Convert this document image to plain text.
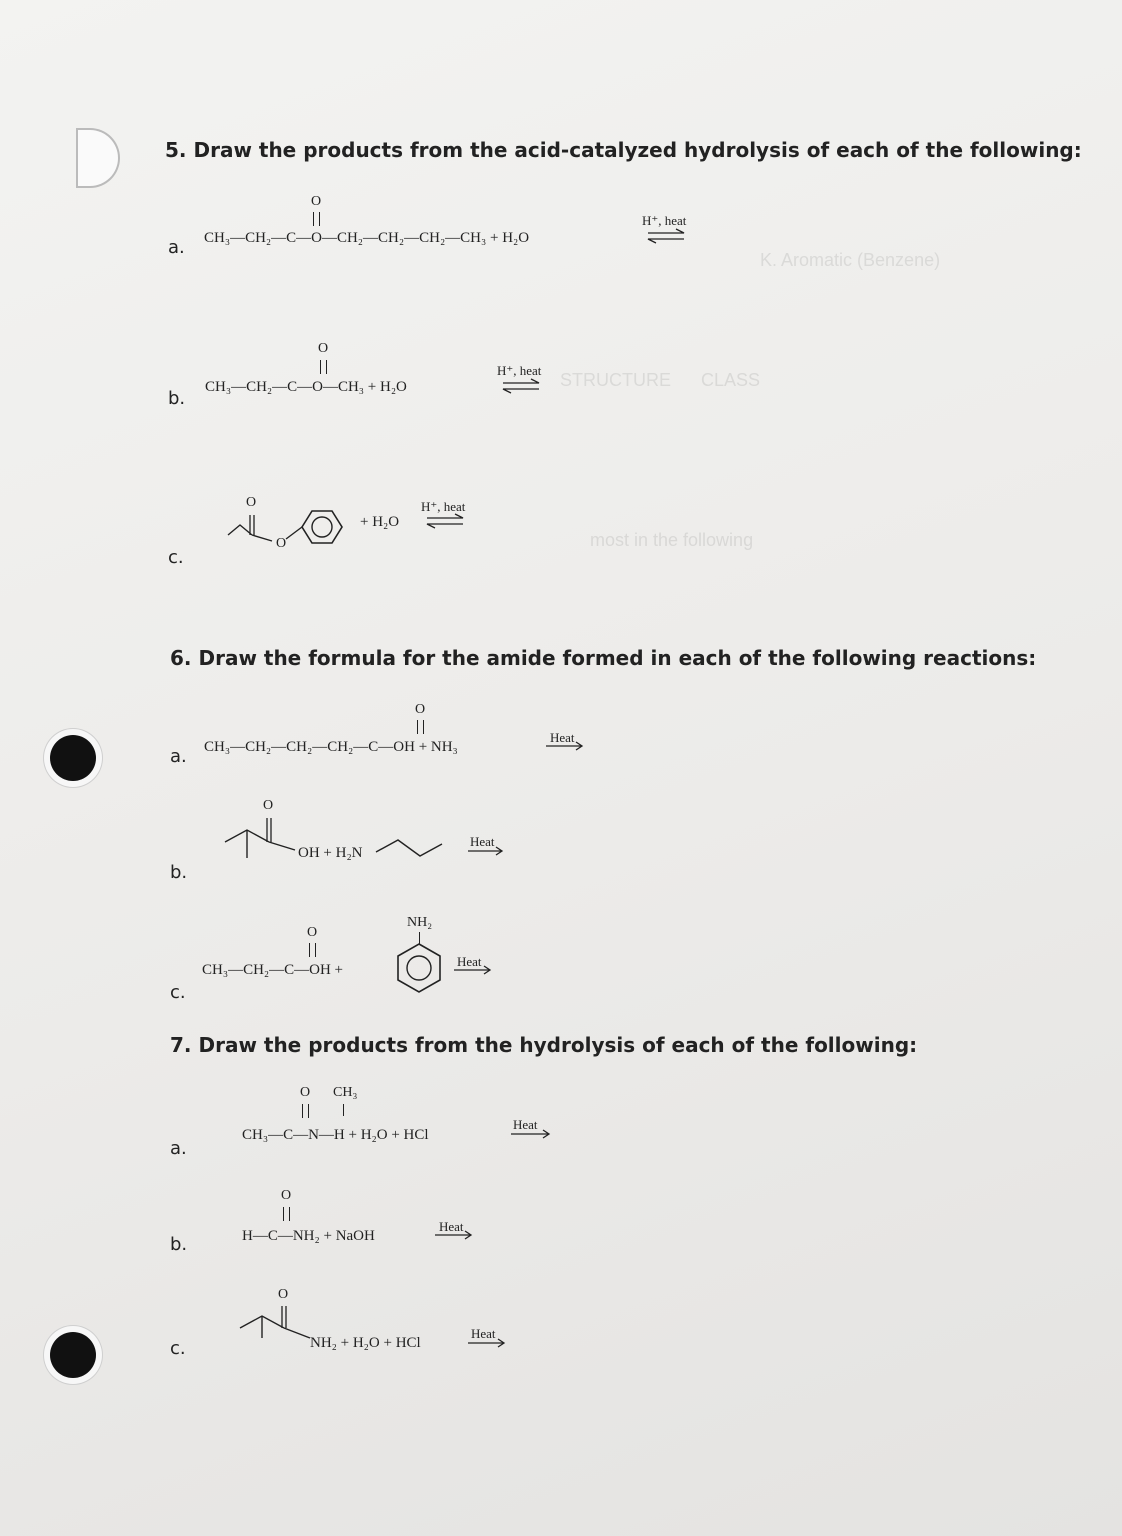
K. Aromatic (Benzene)
STRUCTURE      CLASS
most in the following
5. Draw the products from the acid-catalyzed hydrolysis of each of the following:
a.
O
CH₃—CH₂—C—O—CH₂—CH₂—CH₂—CH₃ + H₂O
H⁺, heat
b.
O
CH₃—CH₂—C—O—CH₃ + H₂O
H⁺, heat
c.
O
O
+ H₂O
H⁺, heat
6. Draw the formula for the amide formed in each of the following reactions:
a.
O
CH₃—CH₂—CH₂—CH₂—C—OH + NH₃
Heat
b.
O
OH + H₂N
Heat
c.
O
CH₃—CH₂—C—OH +
NH₂
Heat
7. Draw the products from the hydrolysis of each of the following:
a.
O CH₃
CH₃—C—N—H + H₂O + HCl
Heat
b.
O
H—C—NH₂ + NaOH
Heat
c.
O
NH₂ + H₂O + HCl
Heat
